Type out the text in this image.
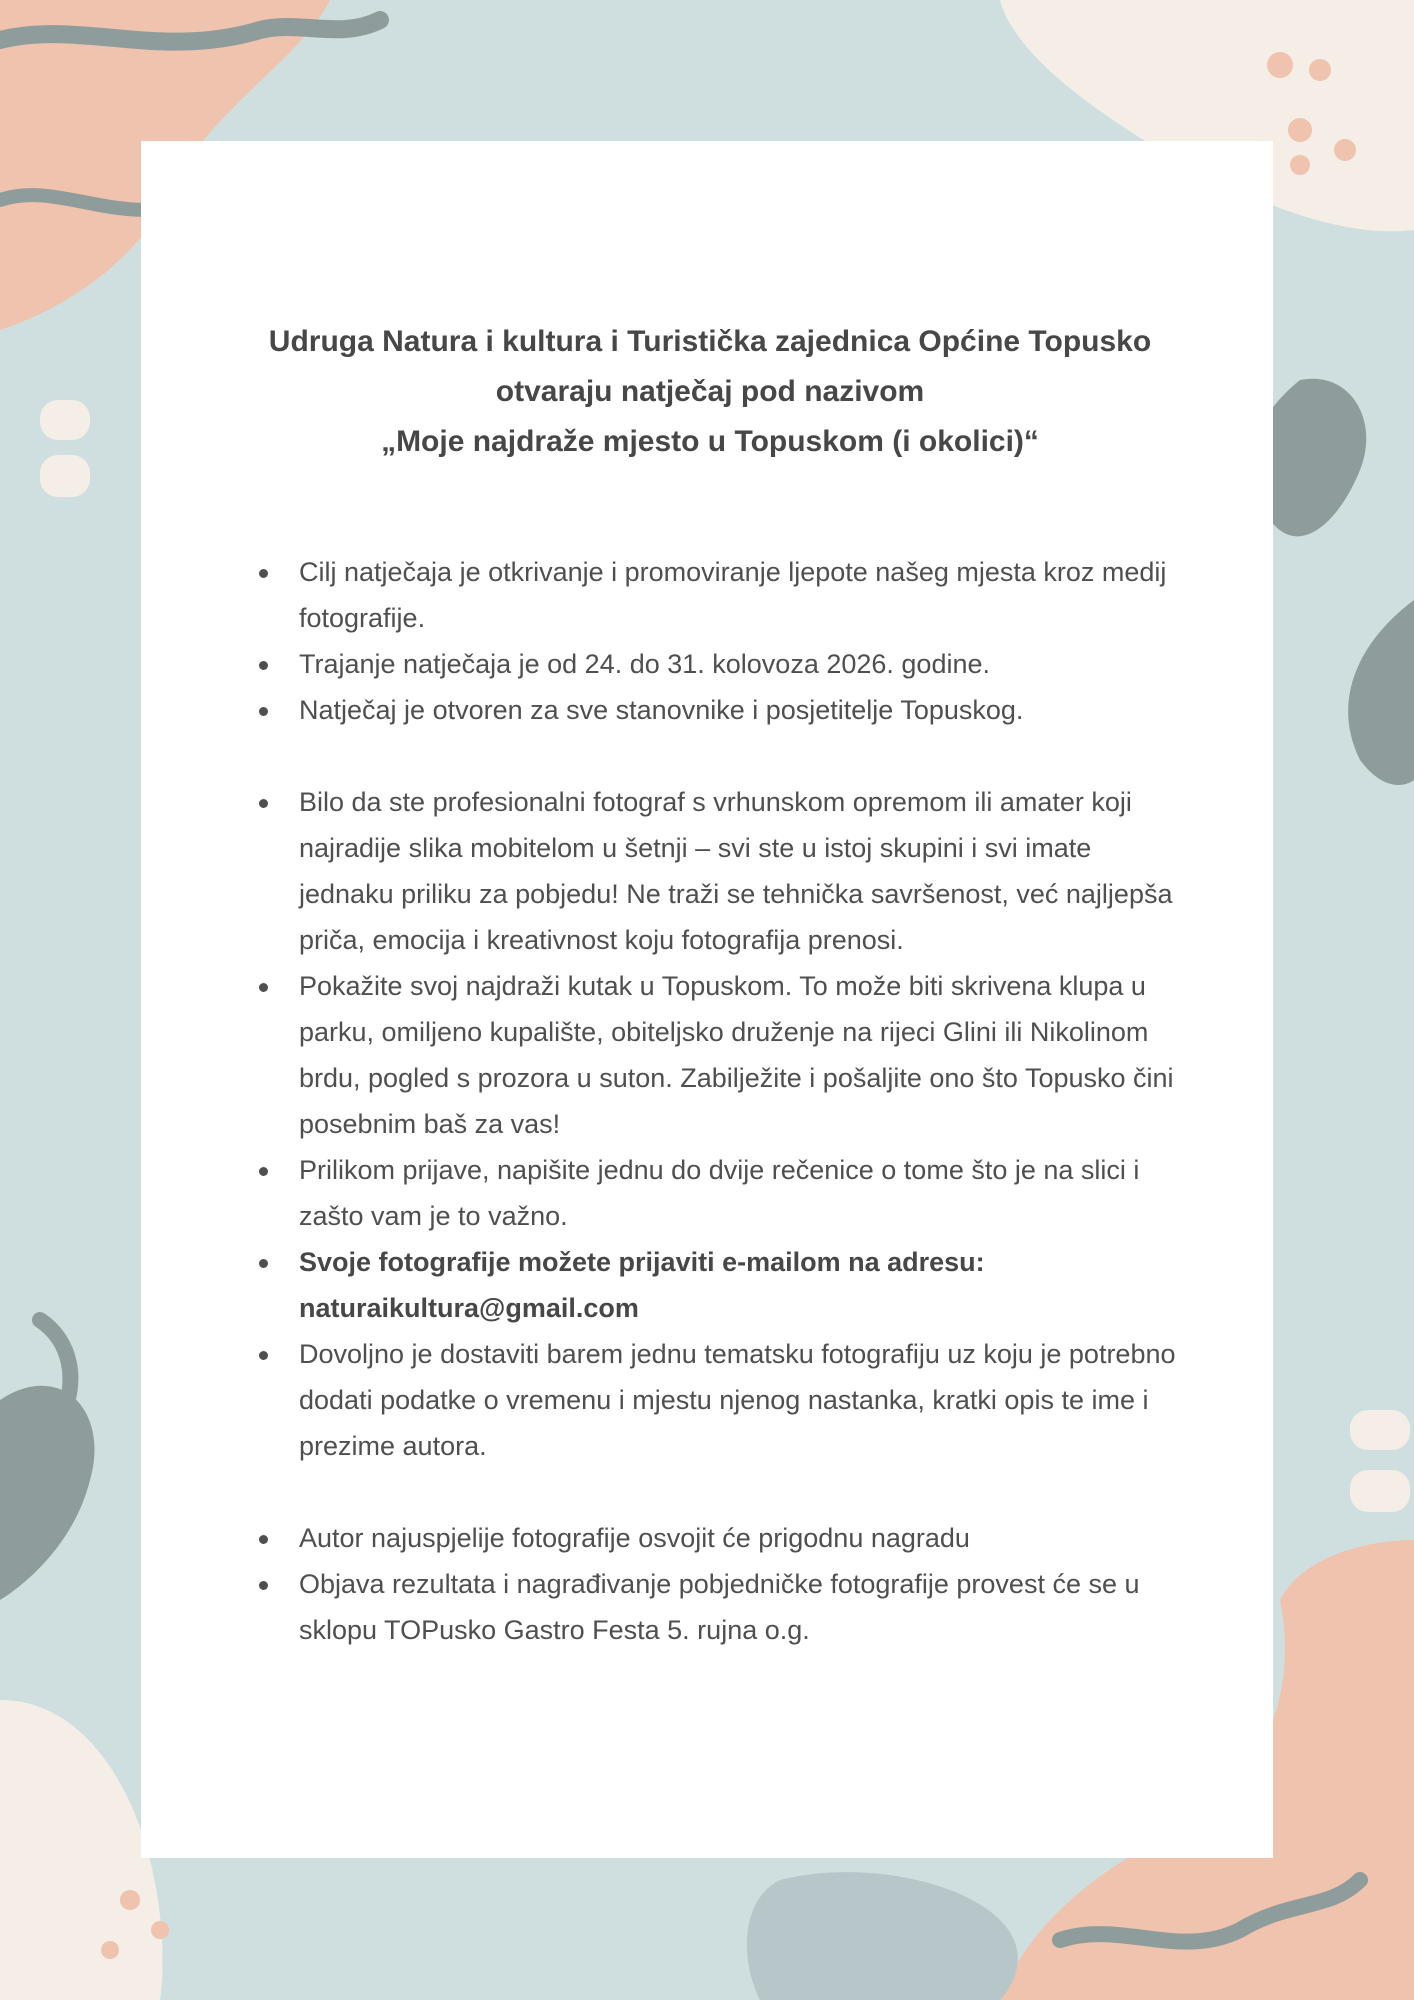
Udruga Natura i kultura i Turistička zajednica Općine Topusko
otvaraju natječaj pod nazivom
„Moje najdraže mjesto u Topuskom (i okolici)“
Cilj natječaja je otkrivanje i promoviranje ljepote našeg mjesta kroz medij fotografije.
Trajanje natječaja je od 24. do 31. kolovoza 2026. godine.
Natječaj je otvoren za sve stanovnike i posjetitelje Topuskog.
Bilo da ste profesionalni fotograf s vrhunskom opremom ili amater koji najradije slika mobitelom u šetnji – svi ste u istoj skupini i svi imate jednaku priliku za pobjedu! Ne traži se tehnička savršenost, već najljepša priča, emocija i kreativnost koju fotografija prenosi.
Pokažite svoj najdraži kutak u Topuskom. To može biti skrivena klupa u parku, omiljeno kupalište, obiteljsko druženje na rijeci Glini ili Nikolinom brdu, pogled s prozora u suton. Zabilježite i pošaljite ono što Topusko čini posebnim baš za vas!
Prilikom prijave, napišite jednu do dvije rečenice o tome što je na slici i zašto vam je to važno.
Svoje fotografije možete prijaviti e-mailom na adresu: naturaikultura@gmail.com
Dovoljno je dostaviti barem jednu tematsku fotografiju uz koju je potrebno dodati podatke o vremenu i mjestu njenog nastanka, kratki opis te ime i prezime autora.
Autor najuspjelije fotografije osvojit će prigodnu nagradu
Objava rezultata i nagrađivanje pobjedničke fotografije provest će se u sklopu TOPusko Gastro Festa 5. rujna o.g.
